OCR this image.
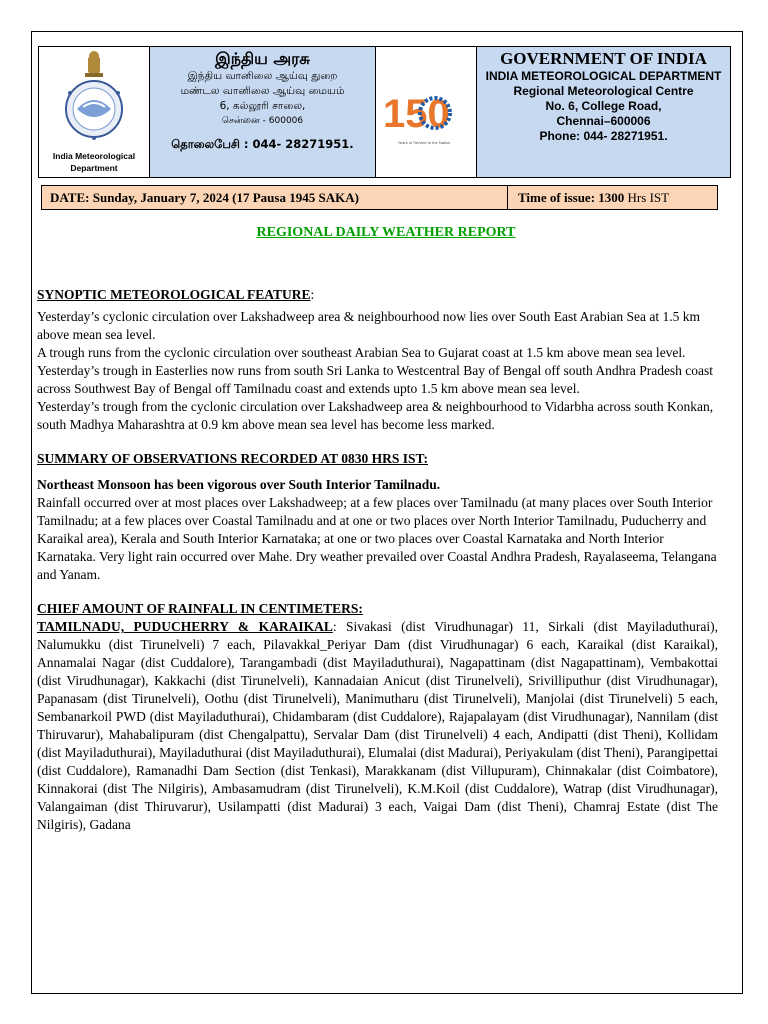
India Meteorological
Department
இந்திய அரசு
இந்திய வானிலை ஆய்வு துறை
மண்டல வானிலை ஆய்வு மையம்
6, கல்லூரி சாலை,
சென்னை - 600006
தொலைபேசி : 044- 28271951.
150
Years of Service to the Nation
GOVERNMENT OF INDIA
INDIA METEOROLOGICAL DEPARTMENT
Regional Meteorological Centre
No. 6, College Road,
Chennai–600006
Phone: 044- 28271951.
DATE: Sunday, January 7, 2024 (17 Pausa 1945 SAKA)	Time of issue: 1300 Hrs IST
REGIONAL DAILY WEATHER REPORT
SYNOPTIC METEOROLOGICAL FEATURE:
Yesterday’s cyclonic circulation over Lakshadweep area & neighbourhood now lies over South East Arabian Sea at 1.5 km above mean sea level.
A trough runs from the cyclonic circulation over southeast Arabian Sea to Gujarat coast at 1.5 km above mean sea level.
Yesterday’s trough in Easterlies now runs from south Sri Lanka to Westcentral Bay of Bengal off south Andhra Pradesh coast across Southwest Bay of Bengal off Tamilnadu coast and extends upto 1.5 km above mean sea level.
Yesterday’s trough from the cyclonic circulation over Lakshadweep area & neighbourhood to Vidarbha across south Konkan, south Madhya Maharashtra at 0.9 km above mean sea level has become less marked.
SUMMARY OF OBSERVATIONS RECORDED AT 0830 HRS IST:
Northeast Monsoon has been vigorous over South Interior Tamilnadu.
Rainfall occurred over at most places over Lakshadweep; at a few places over Tamilnadu (at many places over South Interior Tamilnadu; at a few places over Coastal Tamilnadu and at one or two places over North Interior Tamilnadu, Puducherry and Karaikal area), Kerala and South Interior Karnataka; at one or two places over Coastal Karnataka and North Interior Karnataka. Very light rain occurred over Mahe. Dry weather prevailed over Coastal Andhra Pradesh, Rayalaseema, Telangana and Yanam.
CHIEF AMOUNT OF RAINFALL IN CENTIMETERS:
TAMILNADU, PUDUCHERRY & KARAIKAL: Sivakasi (dist Virudhunagar) 11, Sirkali (dist Mayiladuthurai), Nalumukku (dist Tirunelveli) 7 each, Pilavakkal_Periyar Dam (dist Virudhunagar) 6 each, Karaikal (dist Karaikal), Annamalai Nagar (dist Cuddalore), Tarangambadi (dist Mayiladuthurai), Nagapattinam (dist Nagapattinam), Vembakottai (dist Virudhunagar), Kakkachi (dist Tirunelveli), Kannadaian Anicut (dist Tirunelveli), Srivilliputhur (dist Virudhunagar), Papanasam (dist Tirunelveli), Oothu (dist Tirunelveli), Manimutharu (dist Tirunelveli), Manjolai (dist Tirunelveli) 5 each, Sembanarkoil PWD (dist Mayiladuthurai), Chidambaram (dist Cuddalore), Rajapalayam (dist Virudhunagar), Nannilam (dist Thiruvarur), Mahabalipuram (dist Chengalpattu), Servalar Dam (dist Tirunelveli) 4 each, Andipatti (dist Theni), Kollidam (dist Mayiladuthurai), Mayiladuthurai (dist Mayiladuthurai), Elumalai (dist Madurai), Periyakulam (dist Theni), Parangipettai (dist Cuddalore), Ramanadhi Dam Section (dist Tenkasi), Marakkanam (dist Villupuram), Chinnakalar (dist Coimbatore), Kinnakorai (dist The Nilgiris), Ambasamudram (dist Tirunelveli), K.M.Koil (dist Cuddalore), Watrap (dist Virudhunagar), Valangaiman (dist Thiruvarur), Usilampatti (dist Madurai) 3 each, Vaigai Dam (dist Theni), Chamraj Estate (dist The Nilgiris), Gadana
